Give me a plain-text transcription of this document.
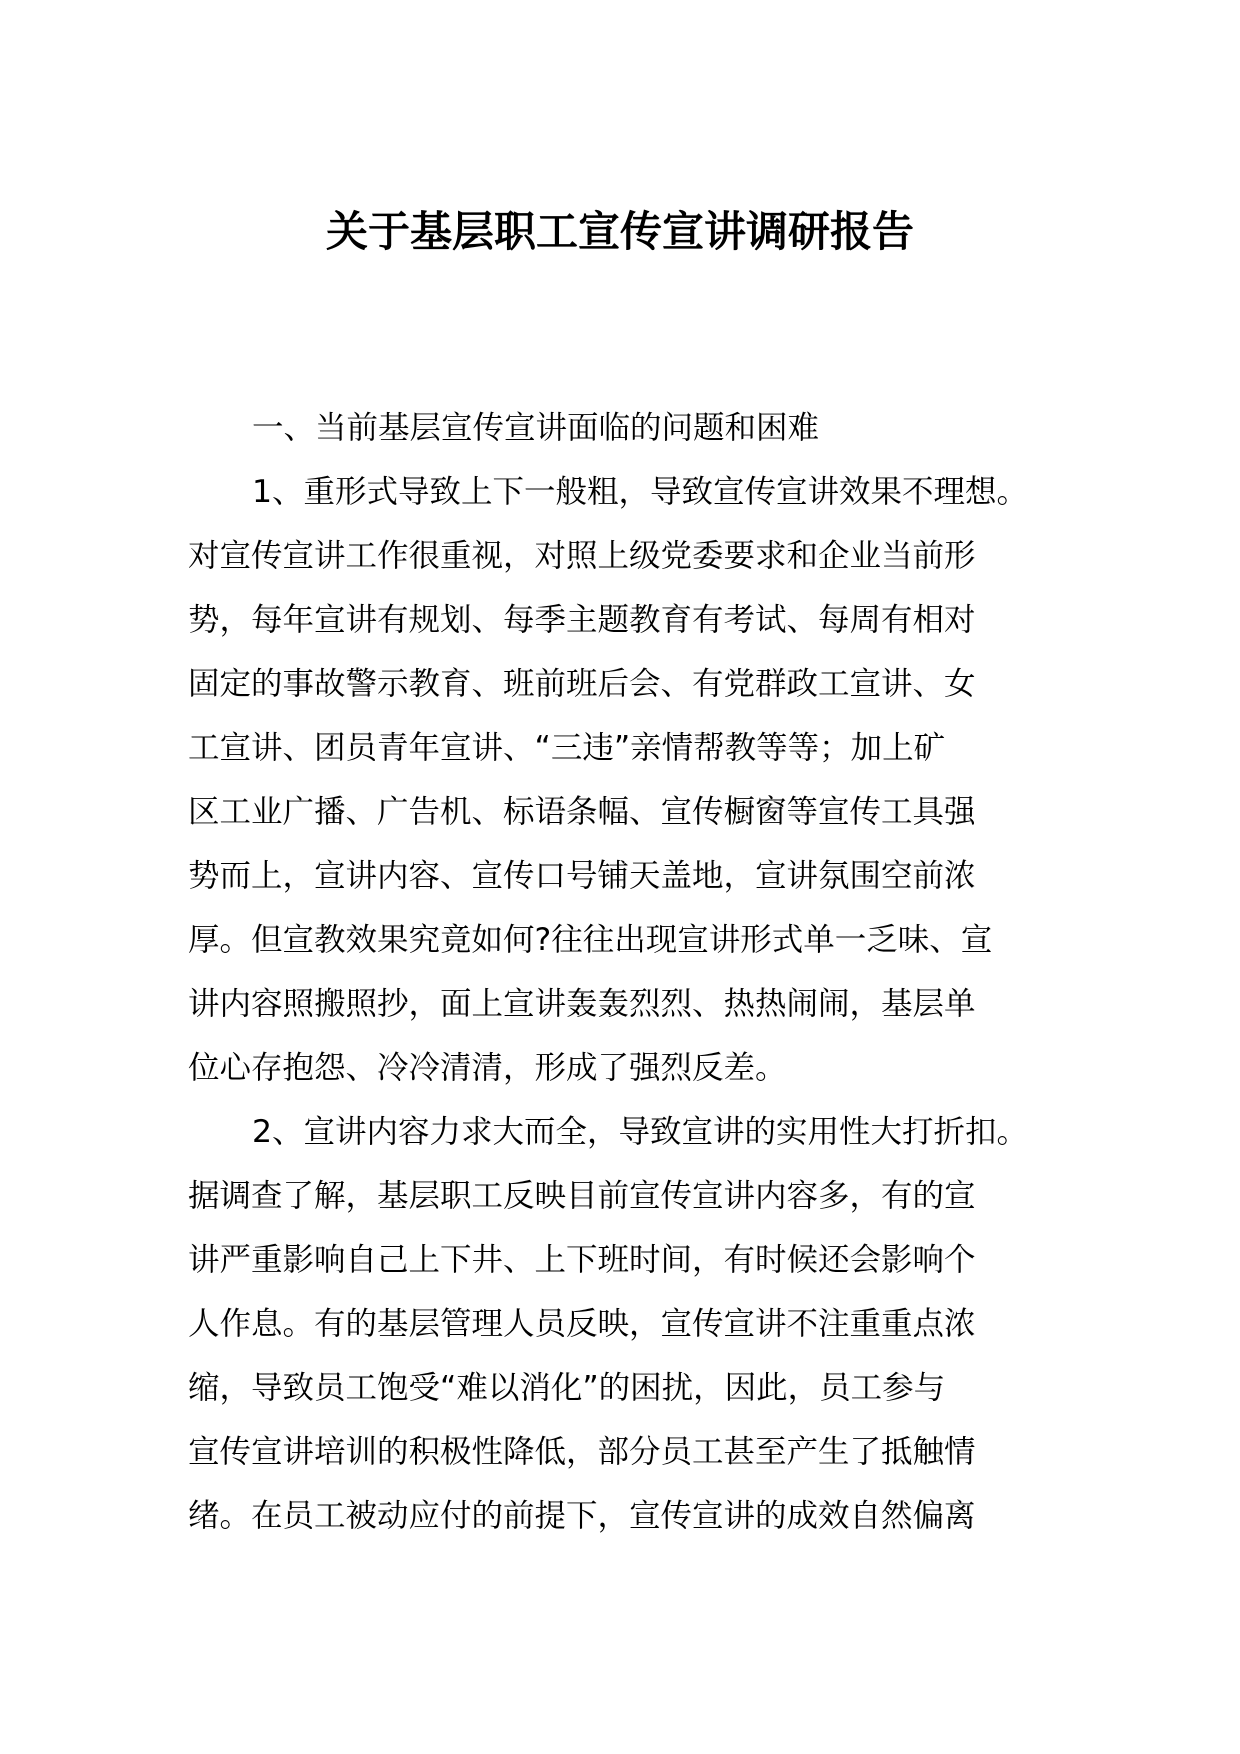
关于基层职工宣传宣讲调研报告
一、当前基层宣传宣讲面临的问题和困难
1、重形式导致上下一般粗，导致宣传宣讲效果不理想。
对宣传宣讲工作很重视，对照上级党委要求和企业当前形
势，每年宣讲有规划、每季主题教育有考试、每周有相对
固定的事故警示教育、班前班后会、有党群政工宣讲、女
工宣讲、团员青年宣讲、“三违”亲情帮教等等；加上矿
区工业广播、广告机、标语条幅、宣传橱窗等宣传工具强
势而上，宣讲内容、宣传口号铺天盖地，宣讲氛围空前浓
厚。但宣教效果究竟如何?往往出现宣讲形式单一乏味、宣
讲内容照搬照抄，面上宣讲轰轰烈烈、热热闹闹，基层单
位心存抱怨、冷冷清清，形成了强烈反差。
2、宣讲内容力求大而全，导致宣讲的实用性大打折扣。
据调查了解，基层职工反映目前宣传宣讲内容多，有的宣
讲严重影响自己上下井、上下班时间，有时候还会影响个
人作息。有的基层管理人员反映，宣传宣讲不注重重点浓
缩，导致员工饱受“难以消化”的困扰，因此，员工参与
宣传宣讲培训的积极性降低，部分员工甚至产生了抵触情
绪。在员工被动应付的前提下，宣传宣讲的成效自然偏离
